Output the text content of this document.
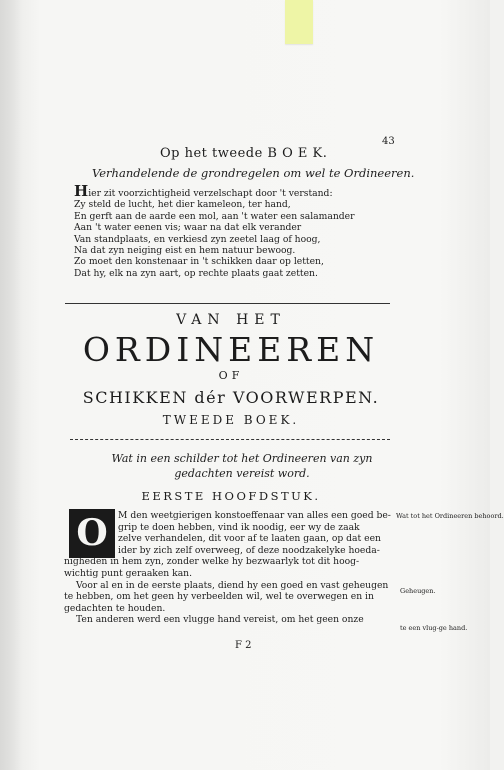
43
Op het tweede B O E K.
Verhandelende de grondregelen om wel te Ordineeren.
Hier zit voorzichtigheid verzelschapt door 't verstand:
Zy steld de lucht, het dier kameleon, ter hand,
En gerft aan de aarde een mol, aan 't water een salamander
Aan 't water eenen vis; waar na dat elk verander
Van standplaats, en verkiesd zyn zeetel laag of hoog,
Na dat zyn neiging eist en hem natuur bewoog.
Zo moet den konstenaar in 't schikken daar op letten,
Dat hy, elk na zyn aart, op rechte plaats gaat zetten.
VAN HET
ORDINEEREN
OF
SCHIKKEN dér VOORWERPEN.
TWEEDE BOEK.
Wat in een schilder tot het Ordineeren van zyn gedachten vereist word.
EERSTE HOOFDSTUK.
O	M den weetgierigen konstoeffenaar van alles een goed be-
grip te doen hebben, vind ik noodig, eer wy de zaak
zelve verhandelen, dit voor af te laaten gaan, op dat een
ider by zich zelf overweeg, of deze noodzakelyke hoeda-
nigheden in hem zyn, zonder welke hy bezwaarlyk tot dit hoog-
wichtig punt geraaken kan.
Voor al en in de eerste plaats, diend hy een goed en vast geheugen
te hebben, om het geen hy verbeelden wil, wel te overwegen en in
gedachten te houden.
Ten anderen werd een vlugge hand vereist, om het geen onze
Wat tot het Ordineeren behoord.
Geheugen.
te een vlug-ge hand.
F 2
